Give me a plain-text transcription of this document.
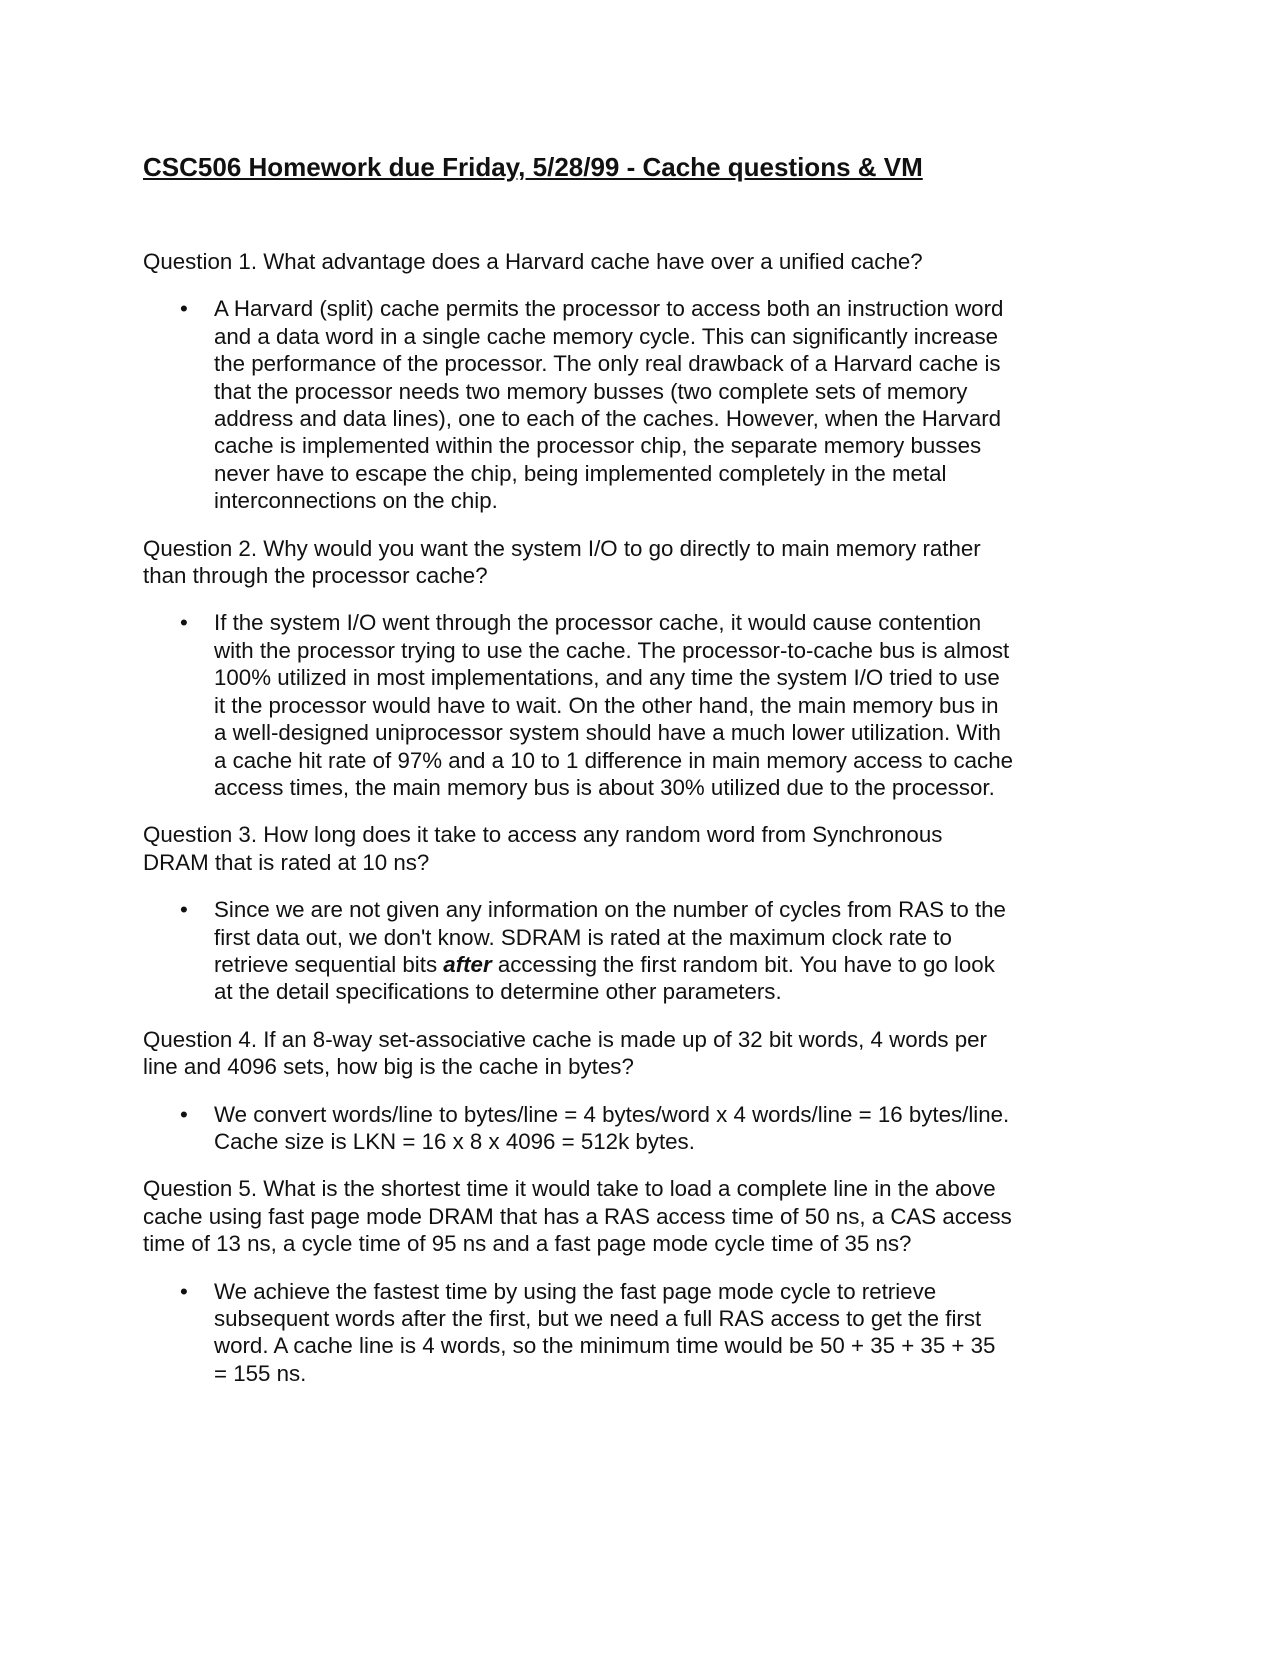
CSC506 Homework due Friday, 5/28/99 - Cache questions & VM
Question 1. What advantage does a Harvard cache have over a unified cache?
• A Harvard (split) cache permits the processor to access both an instruction word
and a data word in a single cache memory cycle. This can significantly increase
the performance of the processor. The only real drawback of a Harvard cache is
that the processor needs two memory busses (two complete sets of memory
address and data lines), one to each of the caches. However, when the Harvard
cache is implemented within the processor chip, the separate memory busses
never have to escape the chip, being implemented completely in the metal
interconnections on the chip.
Question 2. Why would you want the system I/O to go directly to main memory rather
than through the processor cache?
• If the system I/O went through the processor cache, it would cause contention
with the processor trying to use the cache. The processor-to-cache bus is almost
100% utilized in most implementations, and any time the system I/O tried to use
it the processor would have to wait. On the other hand, the main memory bus in
a well-designed uniprocessor system should have a much lower utilization. With
a cache hit rate of 97% and a 10 to 1 difference in main memory access to cache
access times, the main memory bus is about 30% utilized due to the processor.
Question 3. How long does it take to access any random word from Synchronous
DRAM that is rated at 10 ns?
• Since we are not given any information on the number of cycles from RAS to the
first data out, we don't know. SDRAM is rated at the maximum clock rate to
retrieve sequential bits after accessing the first random bit. You have to go look
at the detail specifications to determine other parameters.
Question 4. If an 8-way set-associative cache is made up of 32 bit words, 4 words per
line and 4096 sets, how big is the cache in bytes?
• We convert words/line to bytes/line = 4 bytes/word x 4 words/line = 16 bytes/line.
Cache size is LKN = 16 x 8 x 4096 = 512k bytes.
Question 5. What is the shortest time it would take to load a complete line in the above
cache using fast page mode DRAM that has a RAS access time of 50 ns, a CAS access
time of 13 ns, a cycle time of 95 ns and a fast page mode cycle time of 35 ns?
• We achieve the fastest time by using the fast page mode cycle to retrieve
subsequent words after the first, but we need a full RAS access to get the first
word. A cache line is 4 words, so the minimum time would be 50 + 35 + 35 + 35
= 155 ns.
